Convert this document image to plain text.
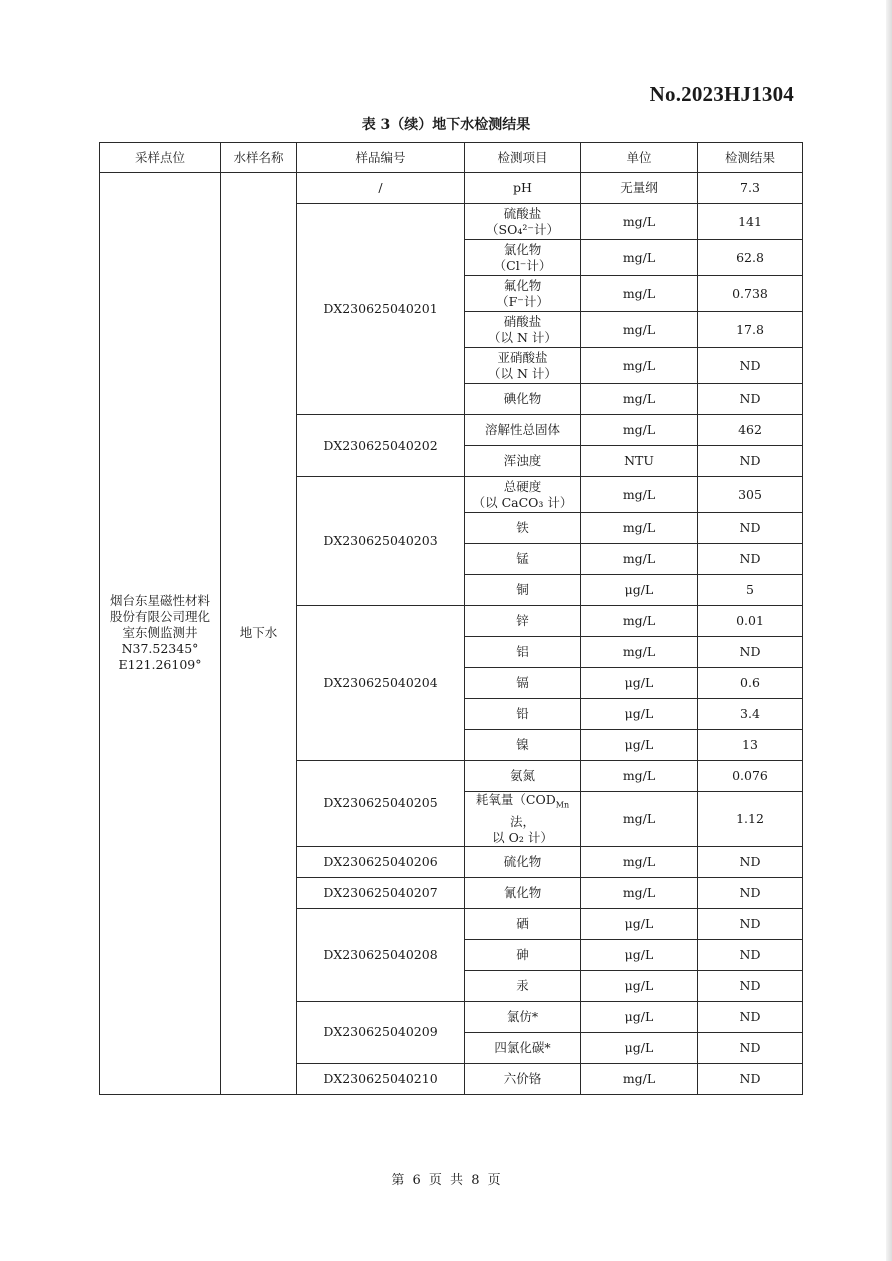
No.2023HJ1304
表 3（续）地下水检测结果
采样点位	水样名称	样品编号	检测项目	单位	检测结果

烟台东星磁性材料
股份有限公司理化
室东侧监测井
N37.52345°
E121.26109°	地下水	/	pH	无量纲	7.3
		DX230625040201	硫酸盐
（SO₄²⁻计）	mg/L	141
			氯化物
（Cl⁻计）	mg/L	62.8
			氟化物
（F⁻计）	mg/L	0.738
			硝酸盐
（以 N 计）	mg/L	17.8
			亚硝酸盐
（以 N 计）	mg/L	ND
			碘化物	mg/L	ND
		DX230625040202	溶解性总固体	mg/L	462
			浑浊度	NTU	ND
		DX230625040203	总硬度
（以 CaCO₃ 计）	mg/L	305
			铁	mg/L	ND
			锰	mg/L	ND
			铜	μg/L	5
		DX230625040204	锌	mg/L	0.01
			铝	mg/L	ND
			镉	μg/L	0.6
			铅	μg/L	3.4
			镍	μg/L	13
		DX230625040205	氨氮	mg/L	0.076
			耗氧量（$COD_{Mn}$法，
以 O₂ 计）	mg/L	1.12
		DX230625040206	硫化物	mg/L	ND
		DX230625040207	氰化物	mg/L	ND
		DX230625040208	硒	μg/L	ND
			砷	μg/L	ND
			汞	μg/L	ND
		DX230625040209	氯仿*	μg/L	ND
			四氯化碳*	μg/L	ND
		DX230625040210	六价铬	mg/L	ND
第 6 页 共 8 页
